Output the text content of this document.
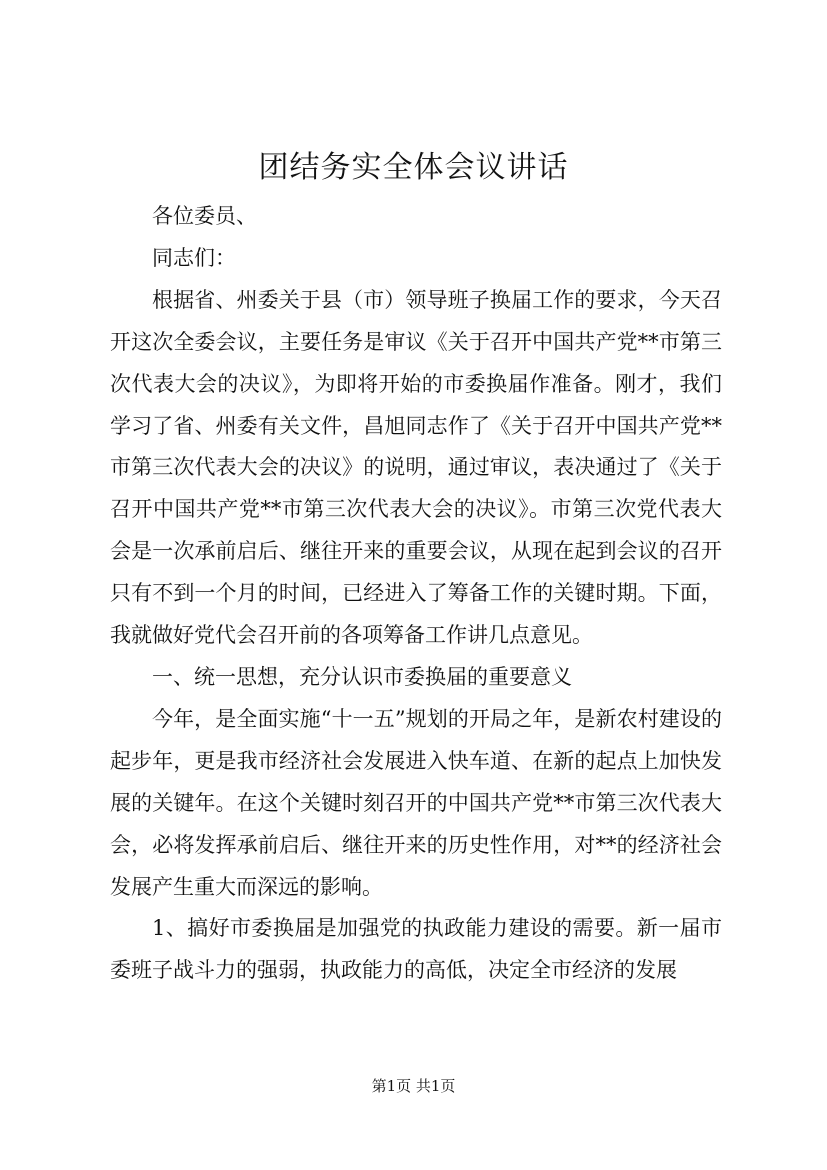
团结务实全体会议讲话

各位委员、

同志们：

根据省、州委关于县（市）领导班子换届工作的要求，今天召开这次全委会议，主要任务是审议《关于召开中国共产党**市第三次代表大会的决议》，为即将开始的市委换届作准备。刚才，我们学习了省、州委有关文件，昌旭同志作了《关于召开中国共产党**市第三次代表大会的决议》的说明，通过审议，表决通过了《关于召开中国共产党**市第三次代表大会的决议》。市第三次党代表大会是一次承前启后、继往开来的重要会议，从现在起到会议的召开只有不到一个月的时间，已经进入了筹备工作的关键时期。下面，我就做好党代会召开前的各项筹备工作讲几点意见。

一、统一思想，充分认识市委换届的重要意义

今年，是全面实施“十一五”规划的开局之年，是新农村建设的起步年，更是我市经济社会发展进入快车道、在新的起点上加快发展的关键年。在这个关键时刻召开的中国共产党**市第三次代表大会，必将发挥承前启后、继往开来的历史性作用，对**的经济社会发展产生重大而深远的影响。

1、搞好市委换届是加强党的执政能力建设的需要。新一届市委班子战斗力的强弱，执政能力的高低，决定全市经济的发展

第1页 共1页
